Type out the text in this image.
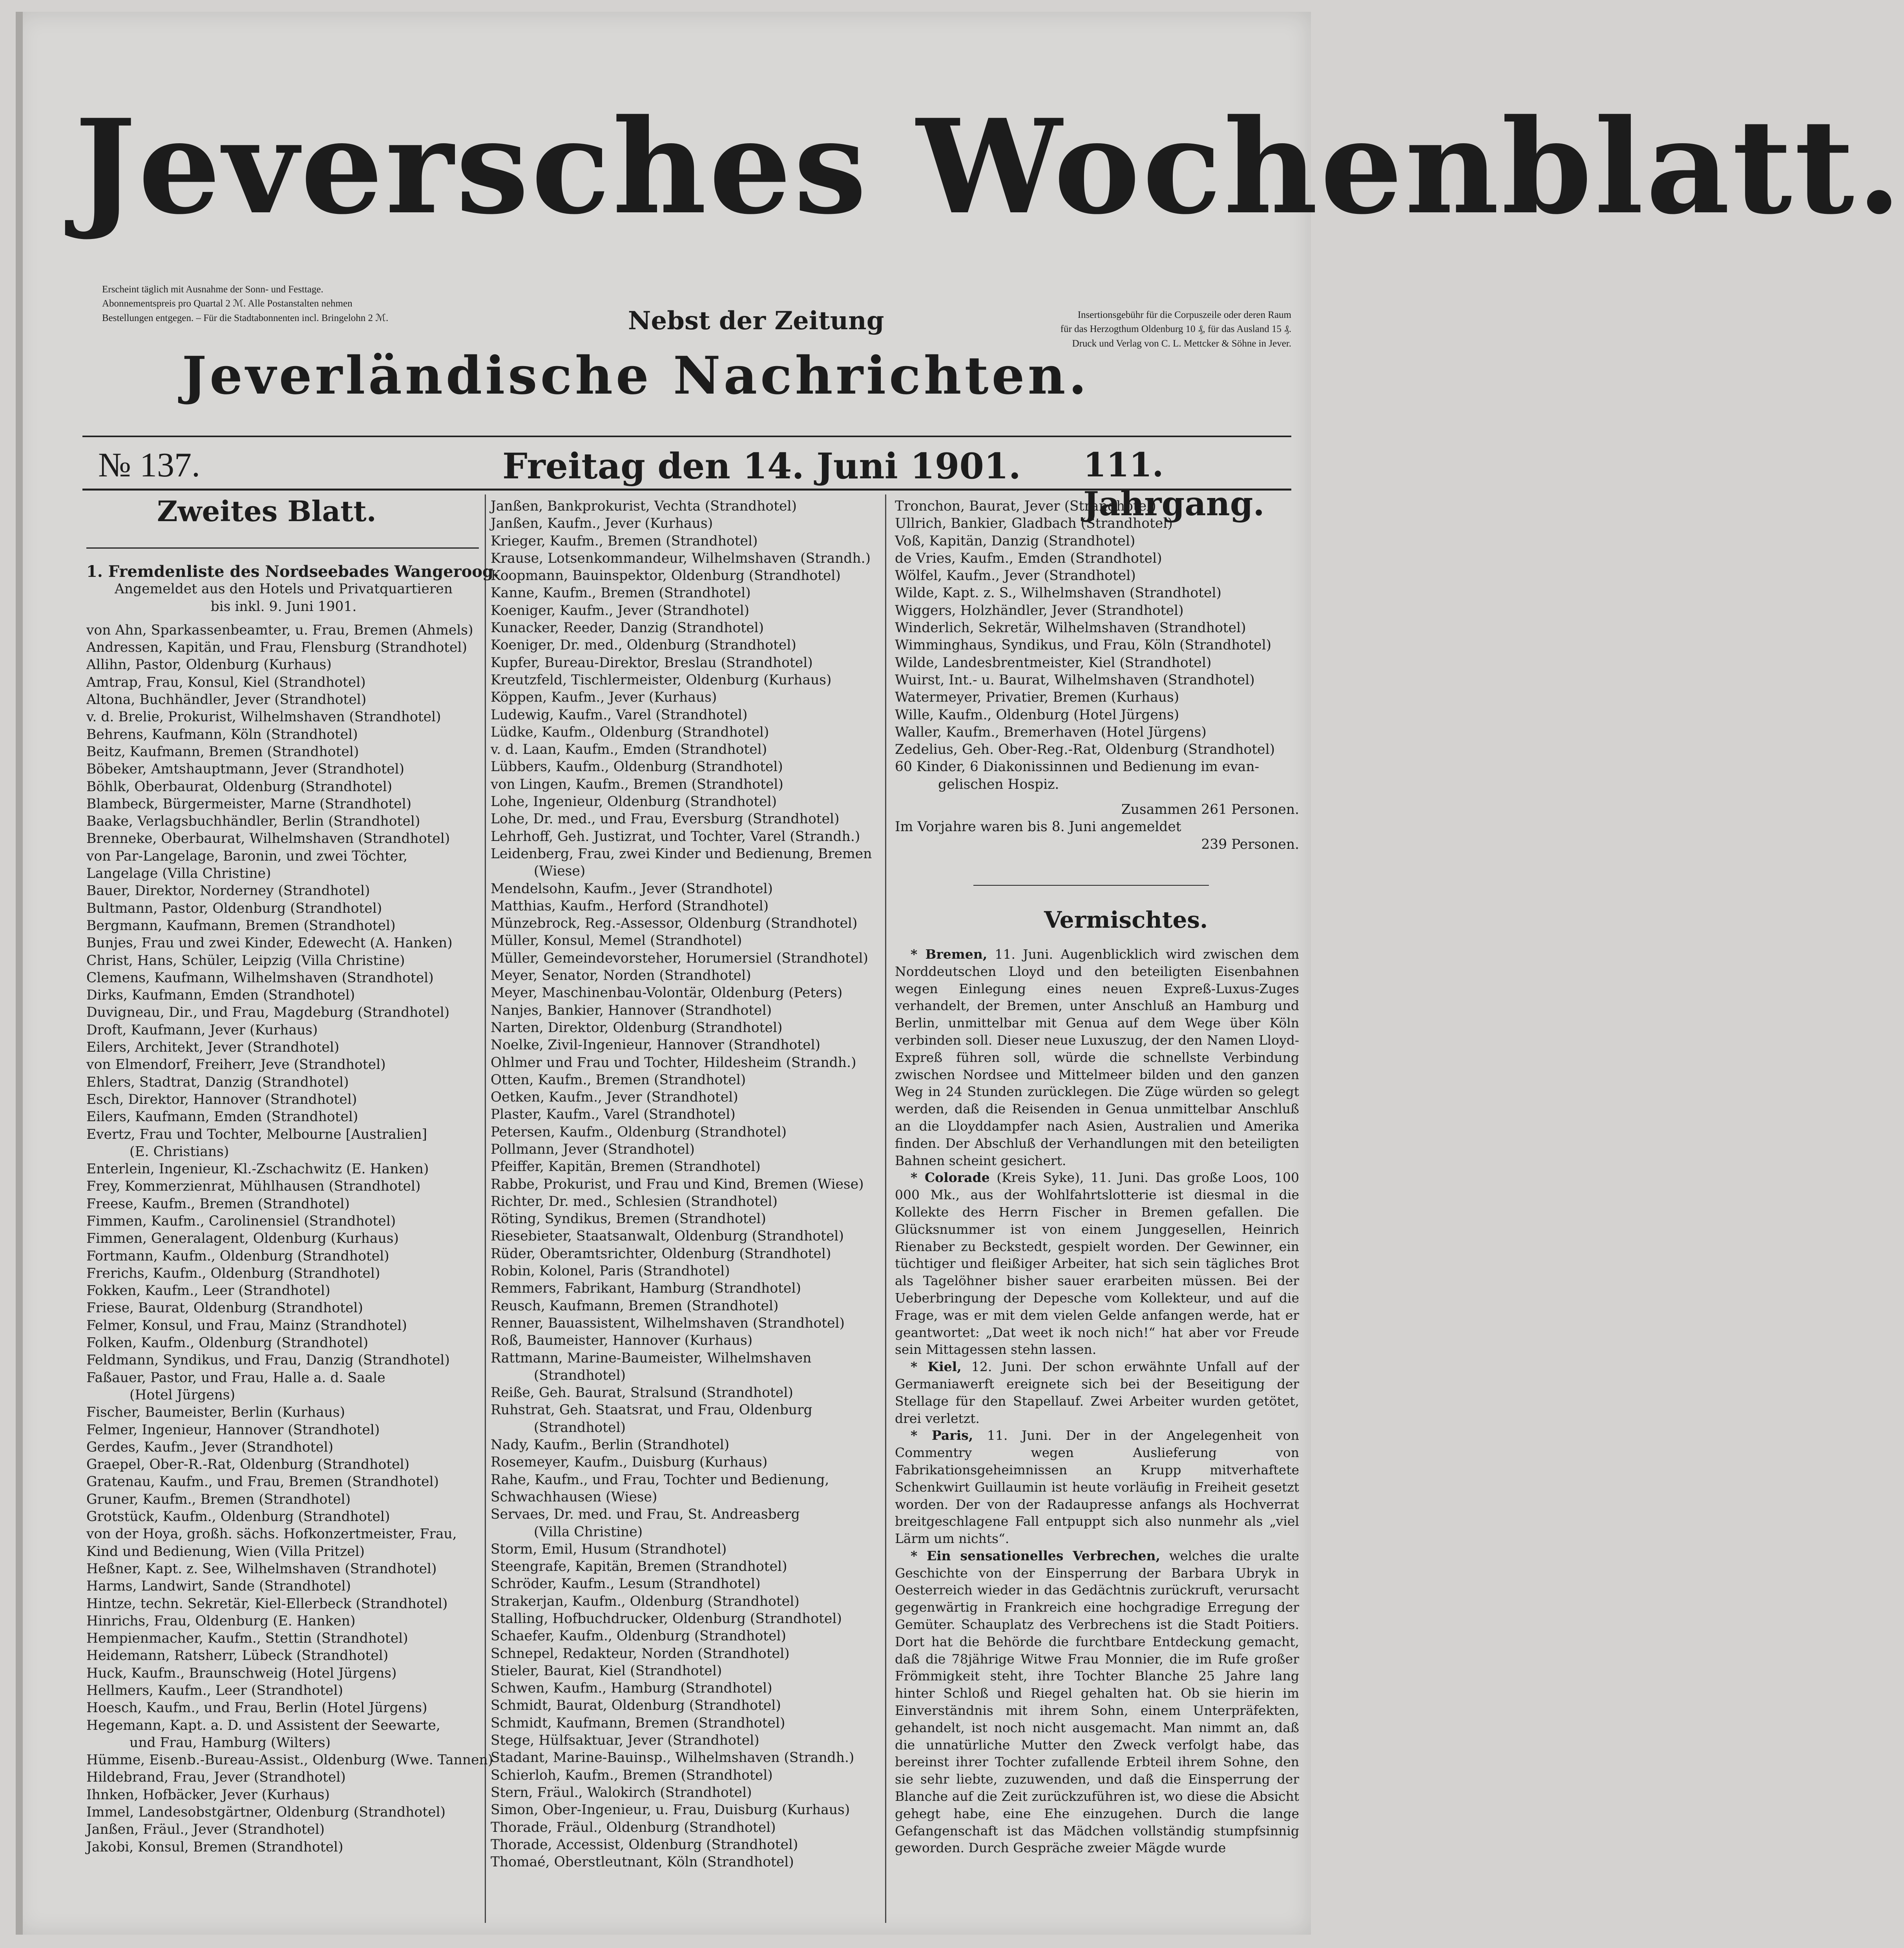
Jeversches Wochenblatt.
Erscheint täglich mit Ausnahme der Sonn- und Festtage.
Abonnementspreis pro Quartal 2 ℳ. Alle Postanstalten nehmen
Bestellungen entgegen. – Für die Stadtabonnenten incl. Bringelohn 2 ℳ.	Nebst der Zeitung	Insertionsgebühr für die Corpuszeile oder deren Raum
für das Herzogthum Oldenburg 10 ₰, für das Ausland 15 ₰.
Druck und Verlag von C. L. Mettcker & Söhne in Jever.
Jeverländische Nachrichten.
№ 137.	Freitag den 14. Juni 1901. 111. Jahrgang.
Zweites Blatt.

1. Fremdenliste des Nordseebades Wangeroog.

Angemeldet aus den Hotels und Privatquartieren

bis inkl. 9. Juni 1901.

von Ahn, Sparkassenbeamter, u. Frau, Bremen (Ahmels)

Andressen, Kapitän, und Frau, Flensburg (Strandhotel)

Allihn, Pastor, Oldenburg (Kurhaus)

Amtrap, Frau, Konsul, Kiel (Strandhotel)

Altona, Buchhändler, Jever (Strandhotel)

v. d. Brelie, Prokurist, Wilhelmshaven (Strandhotel)

Behrens, Kaufmann, Köln (Strandhotel)

Beitz, Kaufmann, Bremen (Strandhotel)

Böbeker, Amtshauptmann, Jever (Strandhotel)

Böhlk, Oberbaurat, Oldenburg (Strandhotel)

Blambeck, Bürgermeister, Marne (Strandhotel)

Baake, Verlagsbuchhändler, Berlin (Strandhotel)

Brenneke, Oberbaurat, Wilhelmshaven (Strandhotel)

von Par-Langelage, Baronin, und zwei Töchter,

Langelage (Villa Christine)

Bauer, Direktor, Norderney (Strandhotel)

Bultmann, Pastor, Oldenburg (Strandhotel)

Bergmann, Kaufmann, Bremen (Strandhotel)

Bunjes, Frau und zwei Kinder, Edewecht (A. Hanken)

Christ, Hans, Schüler, Leipzig (Villa Christine)

Clemens, Kaufmann, Wilhelmshaven (Strandhotel)

Dirks, Kaufmann, Emden (Strandhotel)

Duvigneau, Dir., und Frau, Magdeburg (Strandhotel)

Droft, Kaufmann, Jever (Kurhaus)

Eilers, Architekt, Jever (Strandhotel)

von Elmendorf, Freiherr, Jeve (Strandhotel)

Ehlers, Stadtrat, Danzig (Strandhotel)

Esch, Direktor, Hannover (Strandhotel)

Eilers, Kaufmann, Emden (Strandhotel)

Evertz, Frau und Tochter, Melbourne [Australien]

(E. Christians)

Enterlein, Ingenieur, Kl.-Zschachwitz (E. Hanken)

Frey, Kommerzienrat, Mühlhausen (Strandhotel)

Freese, Kaufm., Bremen (Strandhotel)

Fimmen, Kaufm., Carolinensiel (Strandhotel)

Fimmen, Generalagent, Oldenburg (Kurhaus)

Fortmann, Kaufm., Oldenburg (Strandhotel)

Frerichs, Kaufm., Oldenburg (Strandhotel)

Fokken, Kaufm., Leer (Strandhotel)

Friese, Baurat, Oldenburg (Strandhotel)

Felmer, Konsul, und Frau, Mainz (Strandhotel)

Folken, Kaufm., Oldenburg (Strandhotel)

Feldmann, Syndikus, und Frau, Danzig (Strandhotel)

Faßauer, Pastor, und Frau, Halle a. d. Saale

(Hotel Jürgens)

Fischer, Baumeister, Berlin (Kurhaus)

Felmer, Ingenieur, Hannover (Strandhotel)

Gerdes, Kaufm., Jever (Strandhotel)

Graepel, Ober-R.-Rat, Oldenburg (Strandhotel)

Gratenau, Kaufm., und Frau, Bremen (Strandhotel)

Gruner, Kaufm., Bremen (Strandhotel)

Grotstück, Kaufm., Oldenburg (Strandhotel)

von der Hoya, großh. sächs. Hofkonzertmeister, Frau,

Kind und Bedienung, Wien (Villa Pritzel)

Heßner, Kapt. z. See, Wilhelmshaven (Strandhotel)

Harms, Landwirt, Sande (Strandhotel)

Hintze, techn. Sekretär, Kiel-Ellerbeck (Strandhotel)

Hinrichs, Frau, Oldenburg (E. Hanken)

Hempienmacher, Kaufm., Stettin (Strandhotel)

Heidemann, Ratsherr, Lübeck (Strandhotel)

Huck, Kaufm., Braunschweig (Hotel Jürgens)

Hellmers, Kaufm., Leer (Strandhotel)

Hoesch, Kaufm., und Frau, Berlin (Hotel Jürgens)

Hegemann, Kapt. a. D. und Assistent der Seewarte,

und Frau, Hamburg (Wilters)

Hümme, Eisenb.-Bureau-Assist., Oldenburg (Wwe. Tannen)

Hildebrand, Frau, Jever (Strandhotel)

Ihnken, Hofbäcker, Jever (Kurhaus)

Immel, Landesobstgärtner, Oldenburg (Strandhotel)

Janßen, Fräul., Jever (Strandhotel)

Jakobi, Konsul, Bremen (Strandhotel)

Janßen, Bankprokurist, Vechta (Strandhotel)

Janßen, Kaufm., Jever (Kurhaus)

Krieger, Kaufm., Bremen (Strandhotel)

Krause, Lotsenkommandeur, Wilhelmshaven (Strandh.)

Koopmann, Bauinspektor, Oldenburg (Strandhotel)

Kanne, Kaufm., Bremen (Strandhotel)

Koeniger, Kaufm., Jever (Strandhotel)

Kunacker, Reeder, Danzig (Strandhotel)

Koeniger, Dr. med., Oldenburg (Strandhotel)

Kupfer, Bureau-Direktor, Breslau (Strandhotel)

Kreutzfeld, Tischlermeister, Oldenburg (Kurhaus)

Köppen, Kaufm., Jever (Kurhaus)

Ludewig, Kaufm., Varel (Strandhotel)

Lüdke, Kaufm., Oldenburg (Strandhotel)

v. d. Laan, Kaufm., Emden (Strandhotel)

Lübbers, Kaufm., Oldenburg (Strandhotel)

von Lingen, Kaufm., Bremen (Strandhotel)

Lohe, Ingenieur, Oldenburg (Strandhotel)

Lohe, Dr. med., und Frau, Eversburg (Strandhotel)

Lehrhoff, Geh. Justizrat, und Tochter, Varel (Strandh.)

Leidenberg, Frau, zwei Kinder und Bedienung, Bremen

(Wiese)

Mendelsohn, Kaufm., Jever (Strandhotel)

Matthias, Kaufm., Herford (Strandhotel)

Münzebrock, Reg.-Assessor, Oldenburg (Strandhotel)

Müller, Konsul, Memel (Strandhotel)

Müller, Gemeindevorsteher, Horumersiel (Strandhotel)

Meyer, Senator, Norden (Strandhotel)

Meyer, Maschinenbau-Volontär, Oldenburg (Peters)

Nanjes, Bankier, Hannover (Strandhotel)

Narten, Direktor, Oldenburg (Strandhotel)

Noelke, Zivil-Ingenieur, Hannover (Strandhotel)

Ohlmer und Frau und Tochter, Hildesheim (Strandh.)

Otten, Kaufm., Bremen (Strandhotel)

Oetken, Kaufm., Jever (Strandhotel)

Plaster, Kaufm., Varel (Strandhotel)

Petersen, Kaufm., Oldenburg (Strandhotel)

Pollmann, Jever (Strandhotel)

Pfeiffer, Kapitän, Bremen (Strandhotel)

Rabbe, Prokurist, und Frau und Kind, Bremen (Wiese)

Richter, Dr. med., Schlesien (Strandhotel)

Röting, Syndikus, Bremen (Strandhotel)

Riesebieter, Staatsanwalt, Oldenburg (Strandhotel)

Rüder, Oberamtsrichter, Oldenburg (Strandhotel)

Robin, Kolonel, Paris (Strandhotel)

Remmers, Fabrikant, Hamburg (Strandhotel)

Reusch, Kaufmann, Bremen (Strandhotel)

Renner, Bauassistent, Wilhelmshaven (Strandhotel)

Roß, Baumeister, Hannover (Kurhaus)

Rattmann, Marine-Baumeister, Wilhelmshaven

(Strandhotel)

Reiße, Geh. Baurat, Stralsund (Strandhotel)

Ruhstrat, Geh. Staatsrat, und Frau, Oldenburg

(Strandhotel)

Nady, Kaufm., Berlin (Strandhotel)

Rosemeyer, Kaufm., Duisburg (Kurhaus)

Rahe, Kaufm., und Frau, Tochter und Bedienung,

Schwachhausen (Wiese)

Servaes, Dr. med. und Frau, St. Andreasberg

(Villa Christine)

Storm, Emil, Husum (Strandhotel)

Steengrafe, Kapitän, Bremen (Strandhotel)

Schröder, Kaufm., Lesum (Strandhotel)

Strakerjan, Kaufm., Oldenburg (Strandhotel)

Stalling, Hofbuchdrucker, Oldenburg (Strandhotel)

Schaefer, Kaufm., Oldenburg (Strandhotel)

Schnepel, Redakteur, Norden (Strandhotel)

Stieler, Baurat, Kiel (Strandhotel)

Schwen, Kaufm., Hamburg (Strandhotel)

Schmidt, Baurat, Oldenburg (Strandhotel)

Schmidt, Kaufmann, Bremen (Strandhotel)

Stege, Hülfsaktuar, Jever (Strandhotel)

Stadant, Marine-Bauinsp., Wilhelmshaven (Strandh.)

Schierloh, Kaufm., Bremen (Strandhotel)

Stern, Fräul., Walokirch (Strandhotel)

Simon, Ober-Ingenieur, u. Frau, Duisburg (Kurhaus)

Thorade, Fräul., Oldenburg (Strandhotel)

Thorade, Accessist, Oldenburg (Strandhotel)

Thomaé, Oberstleutnant, Köln (Strandhotel)

Tronchon, Baurat, Jever (Strandhotel)

Ullrich, Bankier, Gladbach (Strandhotel)

Voß, Kapitän, Danzig (Strandhotel)

de Vries, Kaufm., Emden (Strandhotel)

Wölfel, Kaufm., Jever (Strandhotel)

Wilde, Kapt. z. S., Wilhelmshaven (Strandhotel)

Wiggers, Holzhändler, Jever (Strandhotel)

Winderlich, Sekretär, Wilhelmshaven (Strandhotel)

Wimminghaus, Syndikus, und Frau, Köln (Strandhotel)

Wilde, Landesbrentmeister, Kiel (Strandhotel)

Wuirst, Int.- u. Baurat, Wilhelmshaven (Strandhotel)

Watermeyer, Privatier, Bremen (Kurhaus)

Wille, Kaufm., Oldenburg (Hotel Jürgens)

Waller, Kaufm., Bremerhaven (Hotel Jürgens)

Zedelius, Geh. Ober-Reg.-Rat, Oldenburg (Strandhotel)

60 Kinder, 6 Diakonissinnen und Bedienung im evan-

gelischen Hospiz.

Zusammen 261 Personen.

Im Vorjahre waren bis 8. Juni angemeldet

239 Personen.

Vermischtes.

* Bremen, 11. Juni. Augenblicklich wird zwischen dem Norddeutschen Lloyd und den beteiligten Eisenbahnen wegen Einlegung eines neuen Expreß-Luxus-Zuges verhandelt, der Bremen, unter Anschluß an Hamburg und Berlin, unmittelbar mit Genua auf dem Wege über Köln verbinden soll. Dieser neue Luxuszug, der den Namen Lloyd-Expreß führen soll, würde die schnellste Verbindung zwischen Nordsee und Mittelmeer bilden und den ganzen Weg in 24 Stunden zurücklegen. Die Züge würden so gelegt werden, daß die Reisenden in Genua unmittelbar Anschluß an die Lloyddampfer nach Asien, Australien und Amerika finden. Der Abschluß der Verhandlungen mit den beteiligten Bahnen scheint gesichert.

* Colorade (Kreis Syke), 11. Juni. Das große Loos, 100 000 Mk., aus der Wohlfahrtslotterie ist diesmal in die Kollekte des Herrn Fischer in Bremen gefallen. Die Glücksnummer ist von einem Junggesellen, Heinrich Rienaber zu Beckstedt, gespielt worden. Der Gewinner, ein tüchtiger und fleißiger Arbeiter, hat sich sein tägliches Brot als Tagelöhner bisher sauer erarbeiten müssen. Bei der Ueberbringung der Depesche vom Kollekteur, und auf die Frage, was er mit dem vielen Gelde anfangen werde, hat er geantwortet: „Dat weet ik noch nich!“ hat aber vor Freude sein Mittagessen stehn lassen.

* Kiel, 12. Juni. Der schon erwähnte Unfall auf der Germaniawerft ereignete sich bei der Beseitigung der Stellage für den Stapellauf. Zwei Arbeiter wurden getötet, drei verletzt.

* Paris, 11. Juni. Der in der Angelegenheit von Commentry wegen Auslieferung von Fabrikationsgeheimnissen an Krupp mitverhaftete Schenkwirt Guillaumin ist heute vorläufig in Freiheit gesetzt worden. Der von der Radaupresse anfangs als Hochverrat breitgeschlagene Fall entpuppt sich also nunmehr als „viel Lärm um nichts“.

* Ein sensationelles Verbrechen, welches die uralte Geschichte von der Einsperrung der Barbara Ubryk in Oesterreich wieder in das Gedächtnis zurückruft, verursacht gegenwärtig in Frankreich eine hochgradige Erregung der Gemüter. Schauplatz des Verbrechens ist die Stadt Poitiers. Dort hat die Behörde die furchtbare Entdeckung gemacht, daß die 78jährige Witwe Frau Monnier, die im Rufe großer Frömmigkeit steht, ihre Tochter Blanche 25 Jahre lang hinter Schloß und Riegel gehalten hat. Ob sie hierin im Einverständnis mit ihrem Sohn, einem Unterpräfekten, gehandelt, ist noch nicht ausgemacht. Man nimmt an, daß die unnatürliche Mutter den Zweck verfolgt habe, das bereinst ihrer Tochter zufallende Erbteil ihrem Sohne, den sie sehr liebte, zuzuwenden, und daß die Einsperrung der Blanche auf die Zeit zurückzuführen ist, wo diese die Absicht gehegt habe, eine Ehe einzugehen. Durch die lange Gefangenschaft ist das Mädchen vollständig stumpfsinnig geworden. Durch Gespräche zweier Mägde wurde
